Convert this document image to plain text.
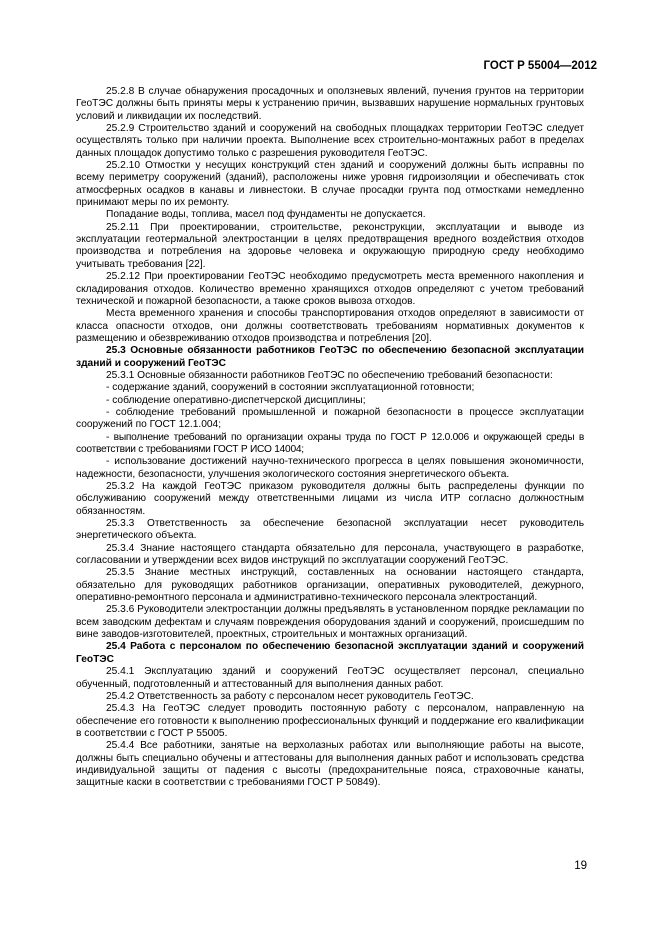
ГОСТ Р 55004—2012

25.2.8 В случае обнаружения просадочных и оползневых явлений, пучения грунтов на территории ГеоТЭС должны быть приняты меры к устранению причин, вызвавших нарушение нормальных грунтовых условий и ликвидации их последствий.

25.2.9 Строительство зданий и сооружений на свободных площадках территории ГеоТЭС следует осуществлять только при наличии проекта. Выполнение всех строительно-монтажных работ в пределах данных площадок допустимо только с разрешения руководителя ГеоТЭС.

25.2.10 Отмостки у несущих конструкций стен зданий и сооружений должны быть исправны по всему периметру сооружений (зданий), расположены ниже уровня гидроизоляции и обеспечивать сток атмосферных осадков в канавы и ливнестоки. В случае просадки грунта под отмостками немедленно принимают меры по их ремонту.

Попадание воды, топлива, масел под фундаменты не допускается.

25.2.11 При проектировании, строительстве, реконструкции, эксплуатации и выводе из эксплуатации геотермальной электростанции в целях предотвращения вредного воздействия отходов производства и потребления на здоровье человека и окружающую природную среду необходимо учитывать требования [22].

25.2.12 При проектировании ГеоТЭС необходимо предусмотреть места временного накопления и складирования отходов. Количество временно хранящихся отходов определяют с учетом требований технической и пожарной безопасности, а также сроков вывоза отходов.

Места временного хранения и способы транспортирования отходов определяют в зависимости от класса опасности отходов, они должны соответствовать требованиям нормативных документов к размещению и обезвреживанию отходов производства и потребления [20].

25.3 Основные обязанности работников ГеоТЭС по обеспечению безопасной эксплуатации зданий и сооружений ГеоТЭС

25.3.1 Основные обязанности работников ГеоТЭС по обеспечению требований безопасности:

- содержание зданий, сооружений в состоянии эксплуатационной готовности;

- соблюдение оперативно-диспетчерской дисциплины;

- соблюдение требований промышленной и пожарной безопасности в процессе эксплуатации сооружений по ГОСТ 12.1.004;

- выполнение требований по организации охраны труда по ГОСТ Р 12.0.006 и окружающей среды в соответствии с требованиями ГОСТ Р ИСО 14004;

- использование достижений научно-технического прогресса в целях повышения экономичности, надежности, безопасности, улучшения экологического состояния энергетического объекта.

25.3.2 На каждой ГеоТЭС приказом руководителя должны быть распределены функции по обслуживанию сооружений между ответственными лицами из числа ИТР согласно должностным обязанностям.

25.3.3 Ответственность за обеспечение безопасной эксплуатации несет руководитель энергетического объекта.

25.3.4 Знание настоящего стандарта обязательно для персонала, участвующего в разработке, согласовании и утверждении всех видов инструкций по эксплуатации сооружений ГеоТЭС.

25.3.5 Знание местных инструкций, составленных на основании настоящего стандарта, обязательно для руководящих работников организации, оперативных руководителей, дежурного, оперативно-ремонтного персонала и административно-технического персонала электростанций.

25.3.6 Руководители электростанции должны предъявлять в установленном порядке рекламации по всем заводским дефектам и случаям повреждения оборудования зданий и сооружений, происшедшим по вине заводов-изготовителей, проектных, строительных и монтажных организаций.

25.4 Работа с персоналом по обеспечению безопасной эксплуатации зданий и сооружений ГеоТЭС

25.4.1 Эксплуатацию зданий и сооружений ГеоТЭС осуществляет персонал, специально обученный, подготовленный и аттестованный для выполнения данных работ.

25.4.2 Ответственность за работу с персоналом несет руководитель ГеоТЭС.

25.4.3 На ГеоТЭС следует проводить постоянную работу с персоналом, направленную на обеспечение его готовности к выполнению профессиональных функций и поддержание его квалификации в соответствии с ГОСТ Р 55005.

25.4.4 Все работники, занятые на верхолазных работах или выполняющие работы на высоте, должны быть специально обучены и аттестованы для выполнения данных работ и использовать средства индивидуальной защиты от падения с высоты (предохранительные пояса, страховочные канаты, защитные каски в соответствии с требованиями ГОСТ Р 50849).

19
